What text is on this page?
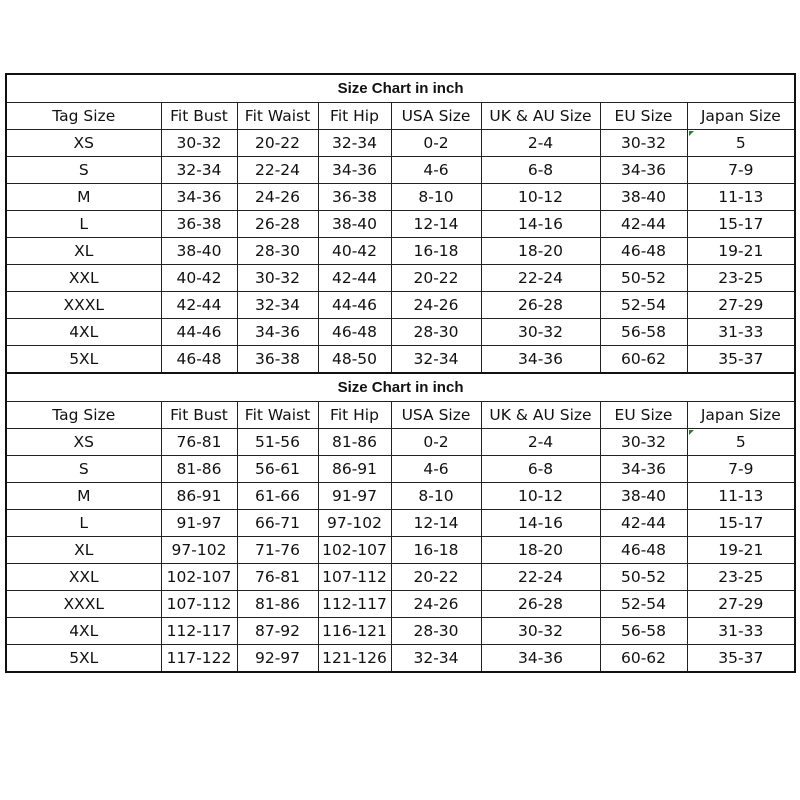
Size Chart in inch							
Tag Size	Fit Bust	Fit Waist	Fit Hip	USA Size	UK & AU Size	EU Size	Japan Size
XS	30-32	20-22	32-34	0-2	2-4	30-32	5
S	32-34	22-24	34-36	4-6	6-8	34-36	7-9
M	34-36	24-26	36-38	8-10	10-12	38-40	11-13
L	36-38	26-28	38-40	12-14	14-16	42-44	15-17
XL	38-40	28-30	40-42	16-18	18-20	46-48	19-21
XXL	40-42	30-32	42-44	20-22	22-24	50-52	23-25
XXXL	42-44	32-34	44-46	24-26	26-28	52-54	27-29
4XL	44-46	34-36	46-48	28-30	30-32	56-58	31-33
5XL	46-48	36-38	48-50	32-34	34-36	60-62	35-37
Size Chart in inch							
Tag Size	Fit Bust	Fit Waist	Fit Hip	USA Size	UK & AU Size	EU Size	Japan Size
XS	76-81	51-56	81-86	0-2	2-4	30-32	5
S	81-86	56-61	86-91	4-6	6-8	34-36	7-9
M	86-91	61-66	91-97	8-10	10-12	38-40	11-13
L	91-97	66-71	97-102	12-14	14-16	42-44	15-17
XL	97-102	71-76	102-107	16-18	18-20	46-48	19-21
XXL	102-107	76-81	107-112	20-22	22-24	50-52	23-25
XXXL	107-112	81-86	112-117	24-26	26-28	52-54	27-29
4XL	112-117	87-92	116-121	28-30	30-32	56-58	31-33
5XL	117-122	92-97	121-126	32-34	34-36	60-62	35-37
